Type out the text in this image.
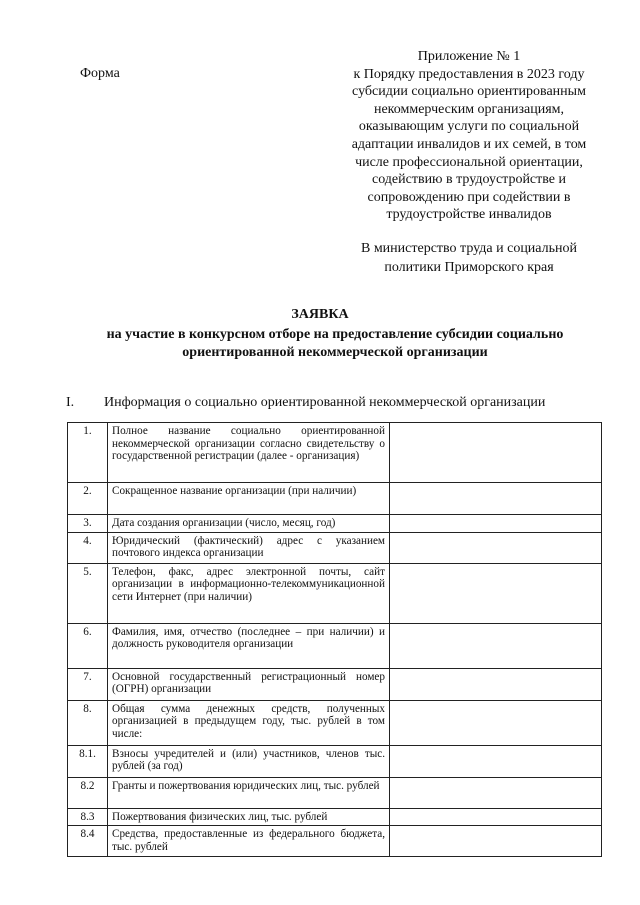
Форма
Приложение № 1
к Порядку предоставления в 2023 году
субсидии социально ориентированным
некоммерческим организациям,
оказывающим услуги по социальной
адаптации инвалидов и их семей, в том
числе профессиональной ориентации,
содействию в трудоустройстве и
сопровождению при содействии в
трудоустройстве инвалидов
В министерство труда и социальной
политики Приморского края
ЗАЯВКА
на участие в конкурсном отборе на предоставление субсидии социально
ориентированной некоммерческой организации
I. Информация о социально ориентированной некоммерческой организации
1.	Полное название социально ориентированной некоммерческой организации согласно свидетельству о государственной регистрации (далее - организация)	
2.	Сокращенное название организации (при наличии)	
3.	Дата создания организации (число, месяц, год)	
4.	Юридический (фактический) адрес с указанием почтового индекса организации	
5.	Телефон, факс, адрес электронной почты, сайт организации в информационно-телекоммуникационной сети Интернет (при наличии)	
6.	Фамилия, имя, отчество (последнее – при наличии) и должность руководителя организации	
7.	Основной государственный регистрационный номер (ОГРН) организации	
8.	Общая сумма денежных средств, полученных организацией в предыдущем году, тыс. рублей в том числе:	
8.1.	Взносы учредителей и (или) участников, членов тыс. рублей (за год)	
8.2	Гранты и пожертвования юридических лиц, тыс. рублей	
8.3	Пожертвования физических лиц, тыс. рублей	
8.4	Средства, предоставленные из федерального бюджета, тыс. рублей	
